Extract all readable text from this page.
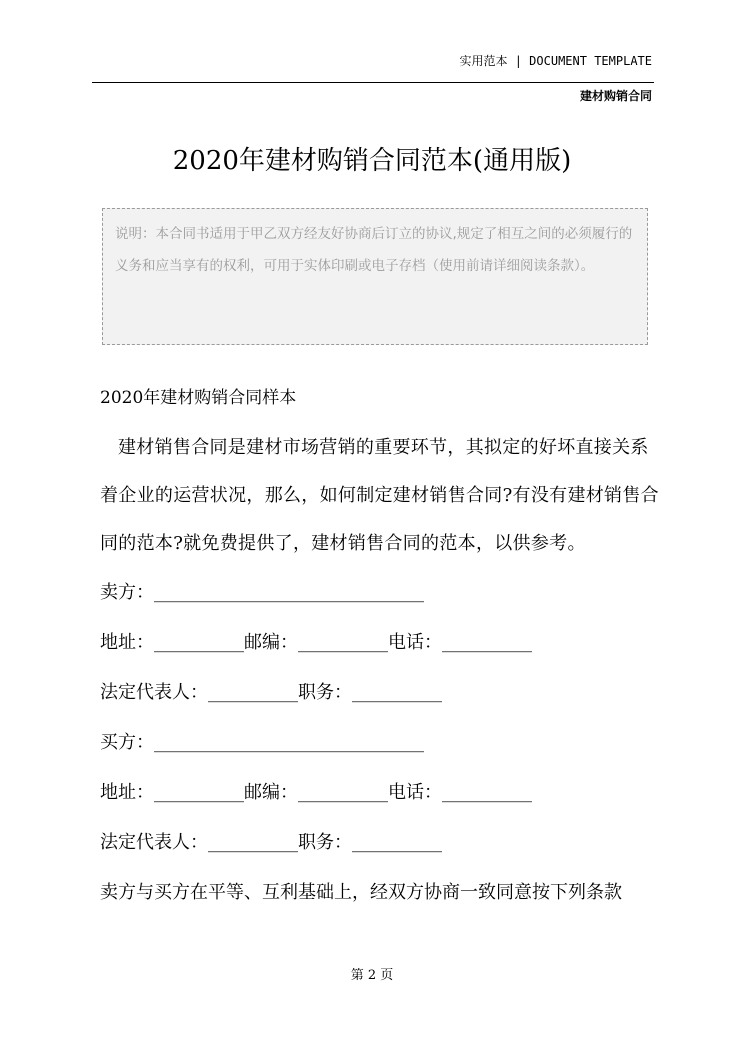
实用范本 | DOCUMENT TEMPLATE
建材购销合同
2020年建材购销合同范本(通用版)
说明：本合同书适用于甲乙双方经友好协商后订立的协议,规定了相互之间的必须履行的义务和应当享有的权利，可用于实体印刷或电子存档（使用前请详细阅读条款）。
2020年建材购销合同样本
建材销售合同是建材市场营销的重要环节，其拟定的好坏直接关系着企业的运营状况，那么，如何制定建材销售合同?有没有建材销售合同的范本?就免费提供了，建材销售合同的范本，以供参考。
卖方：______________________________
地址：__________邮编：__________电话：__________
法定代表人：__________职务：__________
买方：______________________________
地址：__________邮编：__________电话：__________
法定代表人：__________职务：__________
卖方与买方在平等、互利基础上，经双方协商一致同意按下列条款
第 2 页
